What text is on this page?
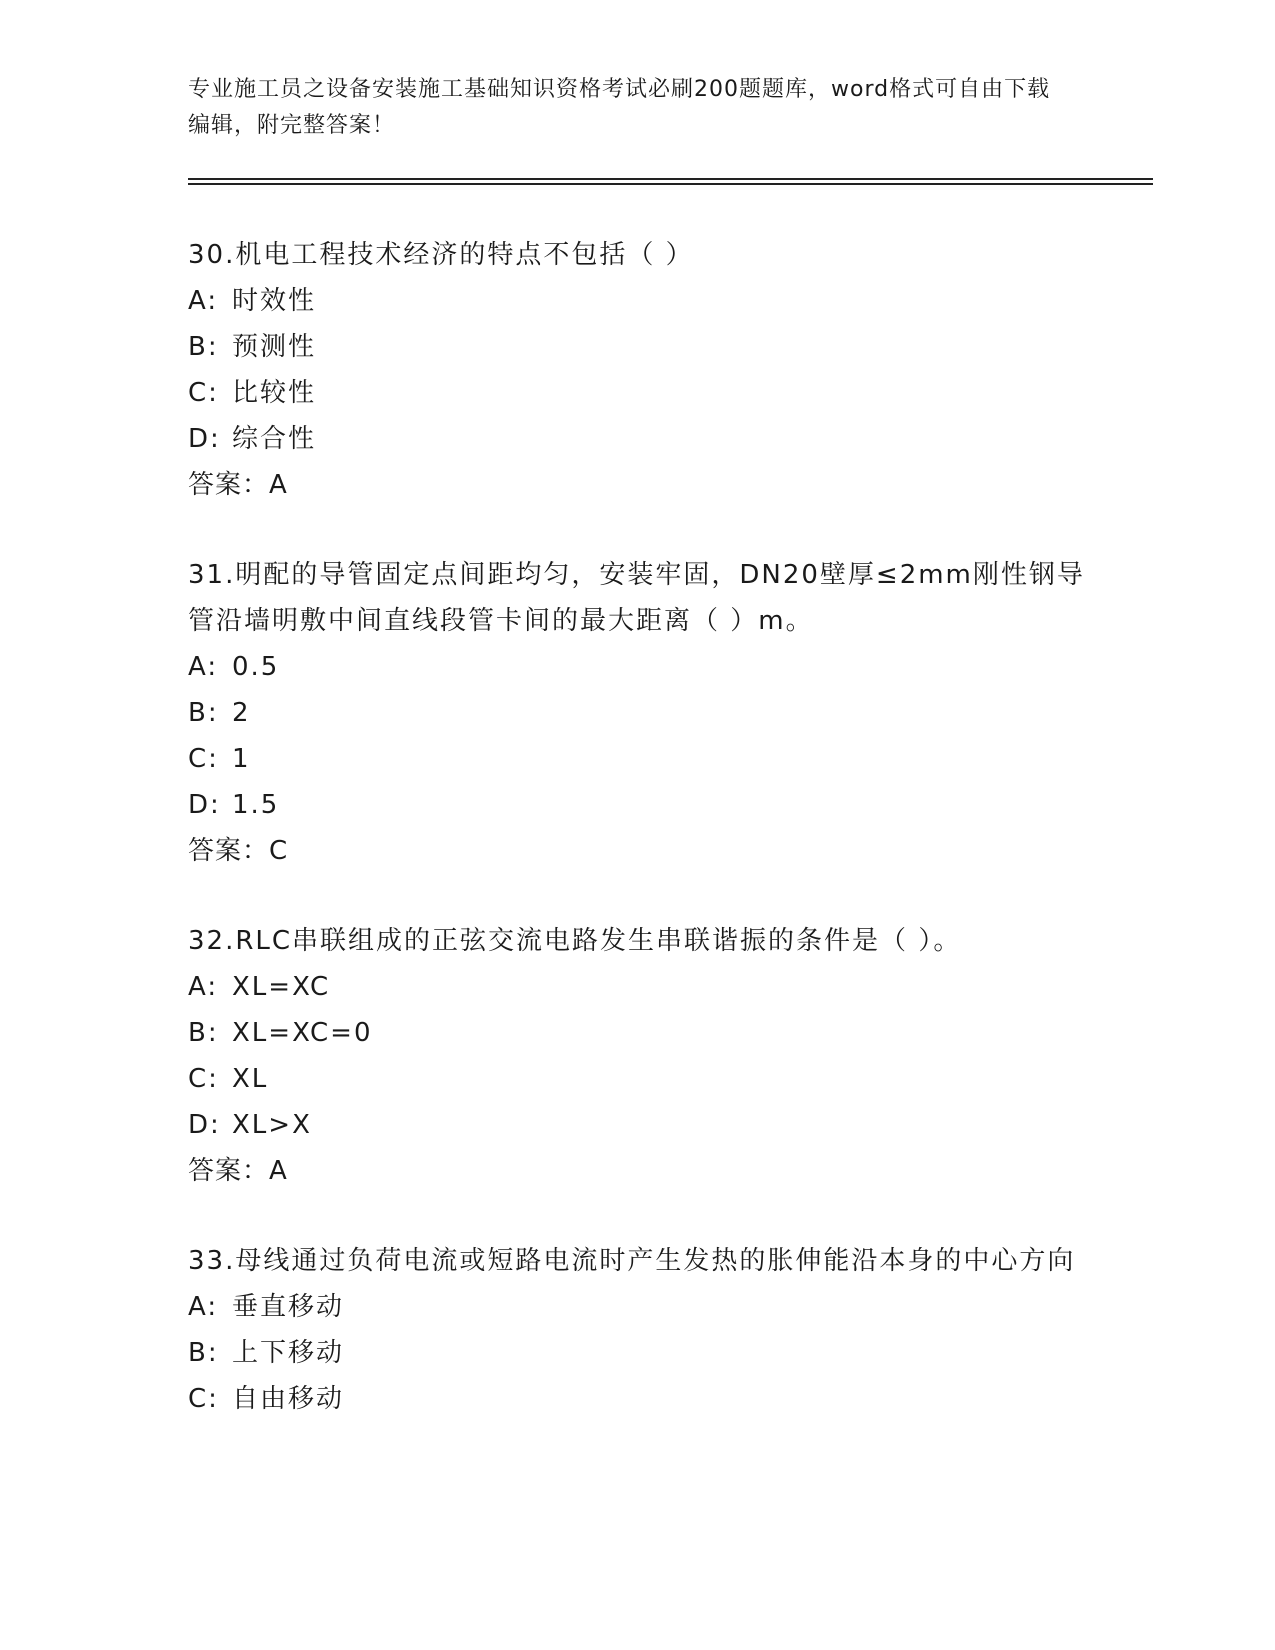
专业施工员之设备安装施工基础知识资格考试必刷200题题库，word格式可自由下载编辑，附完整答案！
30.机电工程技术经济的特点不包括（ ）
A: 时效性
B: 预测性
C: 比较性
D: 综合性
答案：A
31.明配的导管固定点间距均匀，安装牢固，DN20壁厚≤2mm刚性钢导管沿墙明敷中间直线段管卡间的最大距离（ ）m。
A: 0.5
B: 2
C: 1
D: 1.5
答案：C
32.RLC串联组成的正弦交流电路发生串联谐振的条件是（ ）。
A: XL=XC
B: XL=XC=0
C: XL
D: XL>X
答案：A
33.母线通过负荷电流或短路电流时产生发热的胀伸能沿本身的中心方向
A: 垂直移动
B: 上下移动
C: 自由移动
